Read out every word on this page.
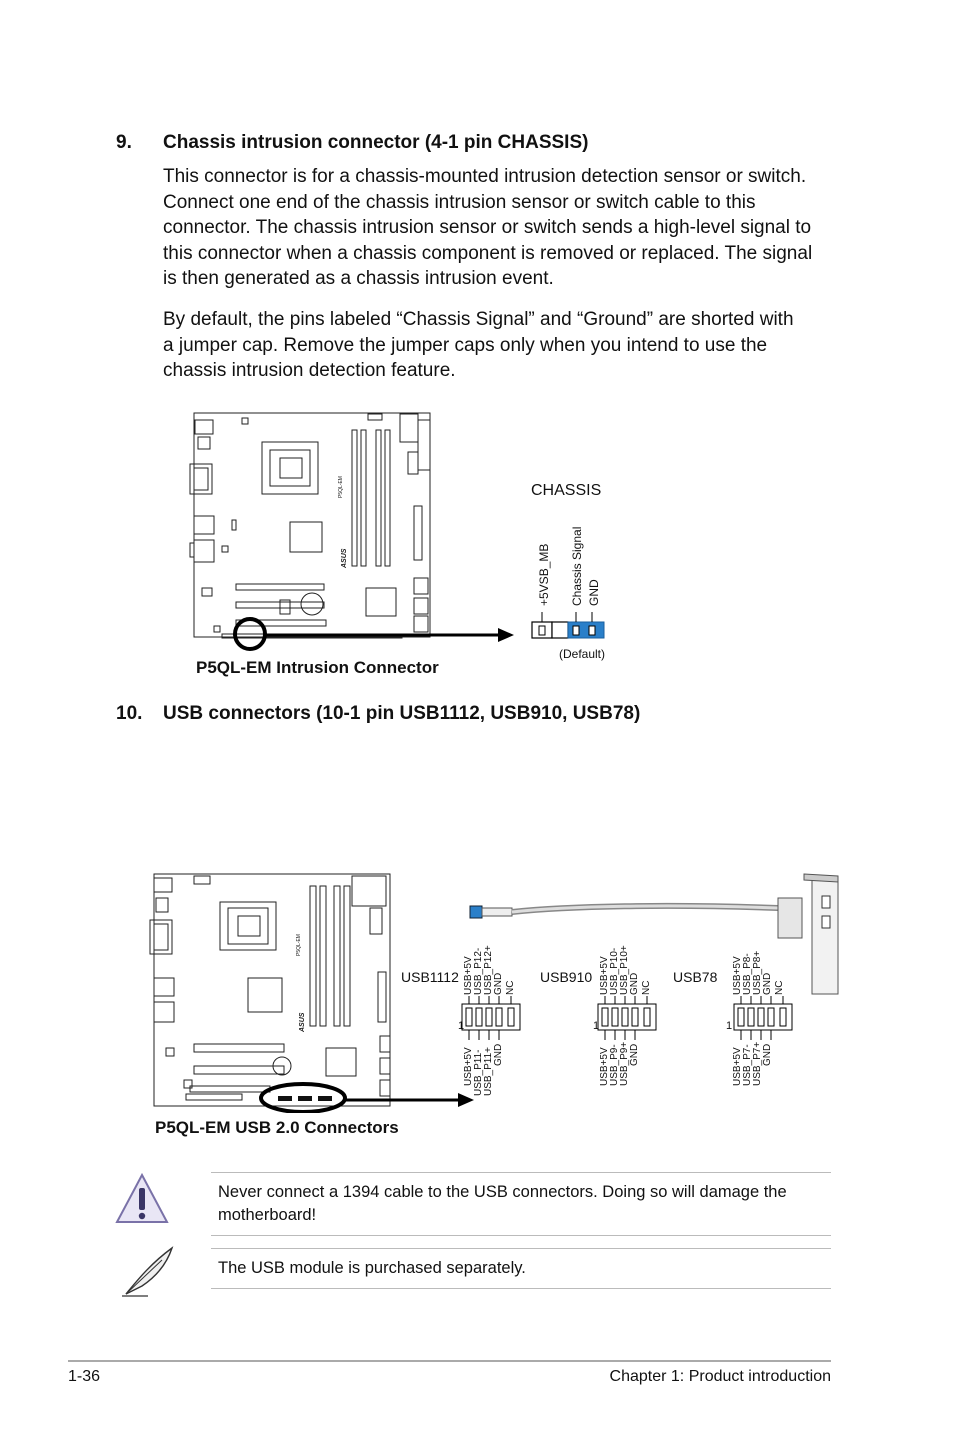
9. Chassis intrusion connector (4-1 pin CHASSIS)
This connector is for a chassis-mounted intrusion detection sensor or switch.
Connect one end of the chassis intrusion sensor or switch cable to this
connector. The chassis intrusion sensor or switch sends a high-level signal to
this connector when a chassis component is removed or replaced. The signal
is then generated as a chassis intrusion event.
By default, the pins labeled “Chassis Signal” and “Ground” are shorted with
a jumper cap. Remove the jumper caps only when you intend to use the
chassis intrusion detection feature.
P5QL-EM
ASUS
CHASSIS
+5VSB_MB Chassis Signal GND
(Default)
P5QL-EM Intrusion Connector
10. USB connectors (10-1 pin USB1112, USB910, USB78)
P5QL-EM
ASUS
USB1112	USB910	USB78
1	1	1
USB+5V USB_P12- USB_P12+ GND NC
USB+5V USB_P11- USB_P11+ GND
USB+5V USB_P10- USB_P10+ GND NC
USB+5V USB_P9- USB_P9+ GND
USB+5V USB_P8- USB_P8+ GND NC
USB+5V USB_P7- USB_P7+ GND
P5QL-EM USB 2.0 Connectors
Never connect a 1394 cable to the USB connectors. Doing so will damage the motherboard!
The USB module is purchased separately.
1-36	Chapter 1: Product introduction
